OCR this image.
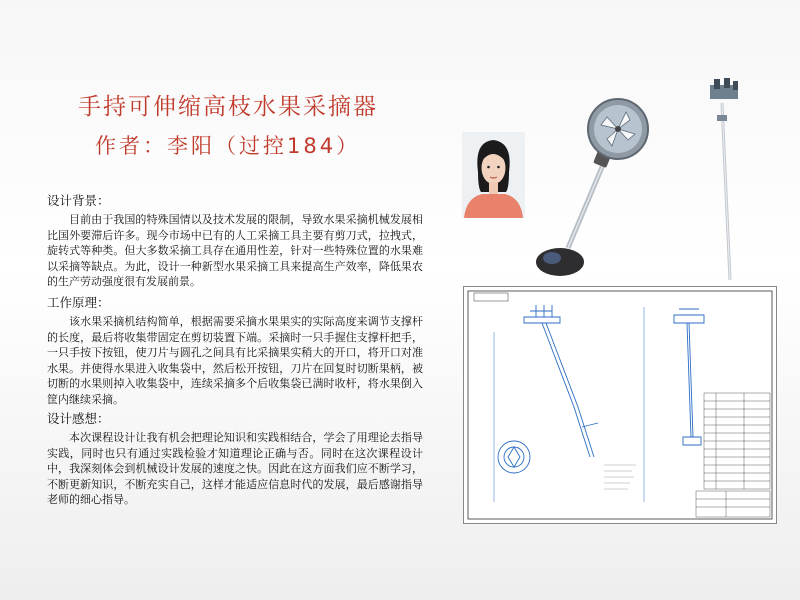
手持可伸缩高枝水果采摘器
作者：李阳（过控184）
设计背景：

目前由于我国的特殊国情以及技术发展的限制，导致水果采摘机械发展相比国外要滞后许多。现今市场中已有的人工采摘工具主要有剪刀式，拉拽式，旋转式等种类。但大多数采摘工具存在通用性差，针对一些特殊位置的水果难以采摘等缺点。为此，设计一种新型水果采摘工具来提高生产效率，降低果农的生产劳动强度很有发展前景。

工作原理：

该水果采摘机结构简单，根据需要采摘水果果实的实际高度来调节支撑杆的长度，最后将收集带固定在剪切装置下端。采摘时一只手握住支撑杆把手，一只手按下按钮，使刀片与圆孔之间具有比采摘果实稍大的开口，将开口对准水果。并使得水果进入收集袋中，然后松开按钮，刀片在回复时切断果柄，被切断的水果则掉入收集袋中，连续采摘多个后收集袋已满时收杆，将水果倒入筐内继续采摘。

设计感想：

本次课程设计让我有机会把理论知识和实践相结合，学会了用理论去指导实践，同时也只有通过实践检验才知道理论正确与否。同时在这次课程设计中，我深刻体会到机械设计发展的速度之快。因此在这方面我们应不断学习，不断更新知识，不断充实自己，这样才能适应信息时代的发展，最后感谢指导老师的细心指导。
